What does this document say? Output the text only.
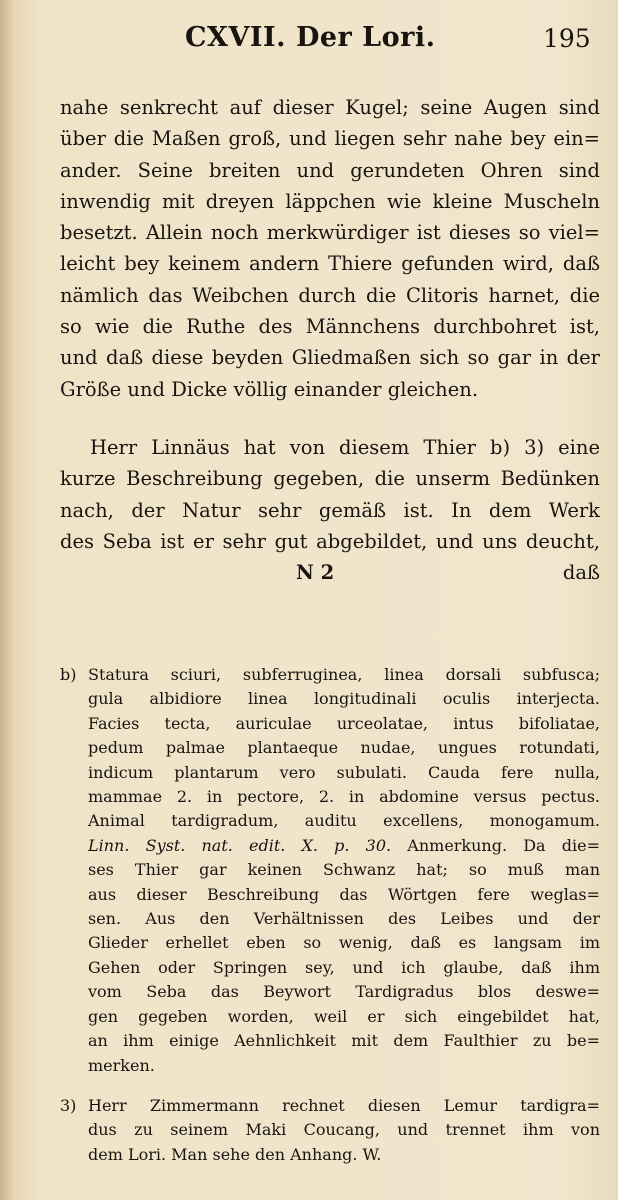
CXVII. Der Lori.	195
nahe senkrecht auf dieser Kugel; seine Augen sind
über die Maßen groß, und liegen sehr nahe bey ein=
ander. Seine breiten und gerundeten Ohren sind
inwendig mit dreyen läppchen wie kleine Muscheln
besetzt. Allein noch merkwürdiger ist dieses so viel=
leicht bey keinem andern Thiere gefunden wird, daß
nämlich das Weibchen durch die Clitoris harnet, die
so wie die Ruthe des Männchens durchbohret ist,
und daß diese beyden Gliedmaßen sich so gar in der
Größe und Dicke völlig einander gleichen.
Herr Linnäus hat von diesem Thier b) 3) eine
kurze Beschreibung gegeben, die unserm Bedünken
nach, der Natur sehr gemäß ist. In dem Werk
des Seba ist er sehr gut abgebildet, und uns deucht,
N 2	daß
b) Statura sciuri, subferruginea, linea dorsali subfusca;
gula albidiore linea longitudinali oculis interjecta.
Facies tecta, auriculae urceolatae, intus bifoliatae,
pedum palmae plantaeque nudae, ungues rotundati,
indicum plantarum vero subulati. Cauda fere nulla,
mammae 2. in pectore, 2. in abdomine versus pectus.
Animal tardigradum, auditu excellens, monogamum.
Linn. Syst. nat. edit. X. p. 30. Anmerkung. Da die=
ses Thier gar keinen Schwanz hat; so muß man
aus dieser Beschreibung das Wörtgen fere weglas=
sen. Aus den Verhältnissen des Leibes und der
Glieder erhellet eben so wenig, daß es langsam im
Gehen oder Springen sey, und ich glaube, daß ihm
vom Seba das Beywort Tardigradus blos deswe=
gen gegeben worden, weil er sich eingebildet hat,
an ihm einige Aehnlichkeit mit dem Faulthier zu be=
merken.
3) Herr Zimmermann rechnet diesen Lemur tardigra=
dus zu seinem Maki Coucang, und trennet ihm von
dem Lori. Man sehe den Anhang. W.
